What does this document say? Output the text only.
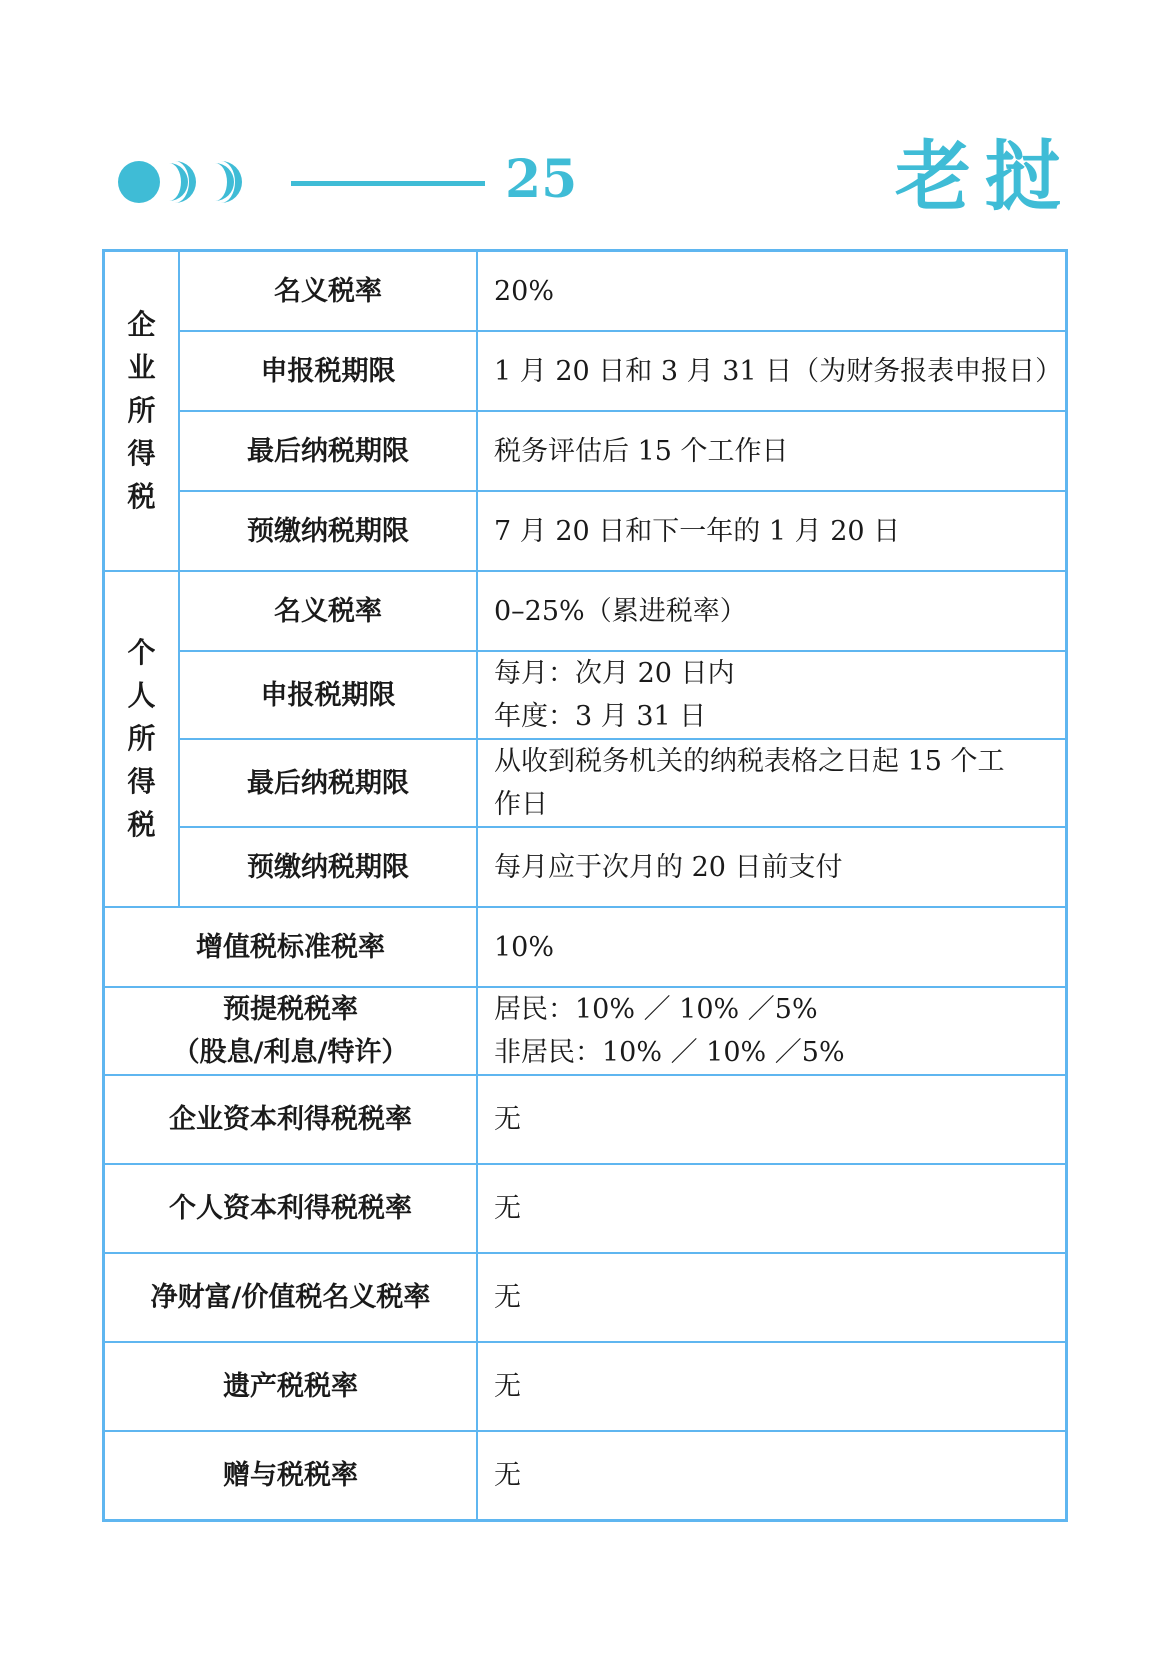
25	老挝
企业所得税	名义税率	20%

	申报税期限	1 月 20 日和 3 月 31 日（为财务报表申报日）

	最后纳税期限	税务评估后 15 个工作日

	预缴纳税期限	7 月 20 日和下一年的 1 月 20 日

个人所得税	名义税率	0–25%（累进税率）

	申报税期限	每月：次月 20 日内
年度：3 月 31 日

	最后纳税期限	从收到税务机关的纳税表格之日起 15 个工
作日

	预缴纳税期限	每月应于次月的 20 日前支付

增值税标准税率		10%

预提税税率
（股息/利息/特许）		居民：10% ／ 10% ／5%
非居民：10% ／ 10% ／5%

企业资本利得税税率		无

个人资本利得税税率		无

净财富/价值税名义税率		无

遗产税税率		无

赠与税税率		无
